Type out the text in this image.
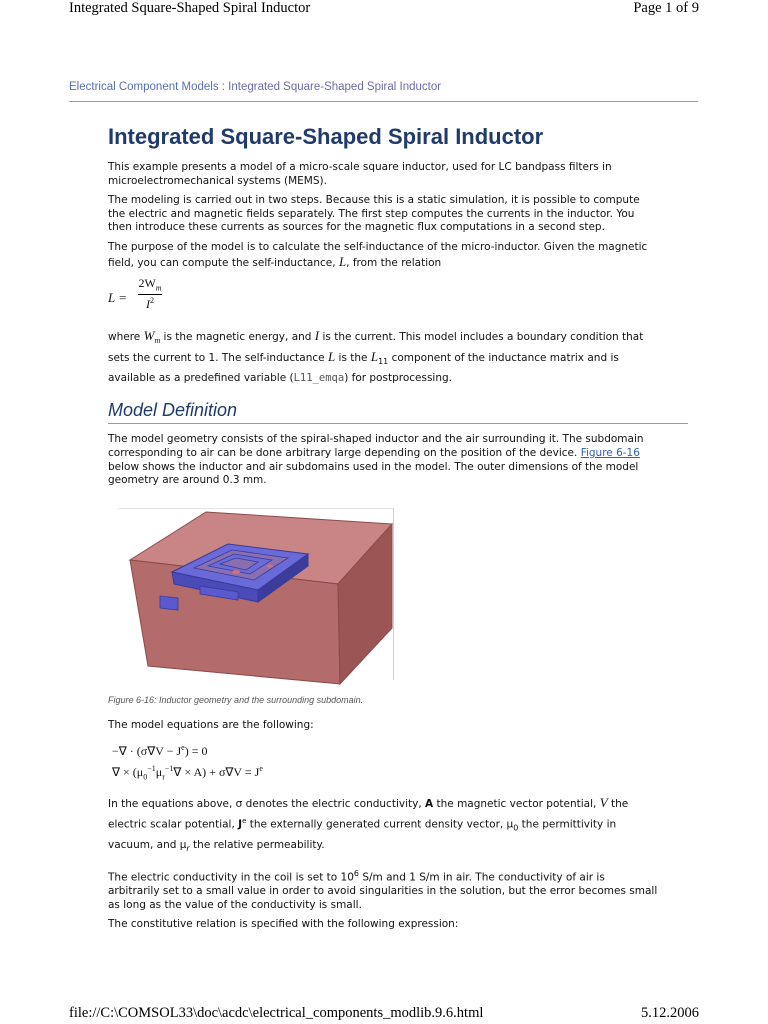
Integrated Square-Shaped Spiral Inductor	Page 1 of 9
Electrical Component Models : Integrated Square-Shaped Spiral Inductor
Integrated Square-Shaped Spiral Inductor

This example presents a model of a micro-scale square inductor, used for LC bandpass filters in microelectromechanical systems (MEMS).

The modeling is carried out in two steps. Because this is a static simulation, it is possible to compute the electric and magnetic fields separately. The first step computes the currents in the inductor. You then introduce these currents as sources for the magnetic flux computations in a second step.

The purpose of the model is to calculate the self-inductance of the micro-inductor. Given the magnetic field, you can compute the self-inductance, L, from the relation

L =
$2W_m$
$I^2$

where $W_m$ is the magnetic energy, and I is the current. This model includes a boundary condition that sets the current to 1. The self-inductance L is the $L_{11}$ component of the inductance matrix and is available as a predefined variable (L11_emqa) for postprocessing.

Model Definition

The model geometry consists of the spiral-shaped inductor and the air surrounding it. The subdomain corresponding to air can be done arbitrary large depending on the position of the device. Figure 6-16 below shows the inductor and air subdomains used in the model. The outer dimensions of the model geometry are around 0.3 mm.

Figure 6-16: Inductor geometry and the surrounding subdomain.

The model equations are the following:

−∇ · $(\sigma\nabla V - J^e) = 0$
∇ × $(\mu_0^{-1}\mu_r^{-1}\nabla \times A) + \sigma\nabla V = J^e$

In the equations above, σ denotes the electric conductivity, A the magnetic vector potential, V the electric scalar potential, $J^e$ the externally generated current density vector, $\mu_0$ the permittivity in vacuum, and $\mu_r$ the relative permeability.

The electric conductivity in the coil is set to $10^6$ S/m and 1 S/m in air. The conductivity of air is arbitrarily set to a small value in order to avoid singularities in the solution, but the error becomes small as long as the value of the conductivity is small.

The constitutive relation is specified with the following expression:

file://C:\COMSOL33\doc\acdc\electrical_components_modlib.9.6.html	5.12.2006
